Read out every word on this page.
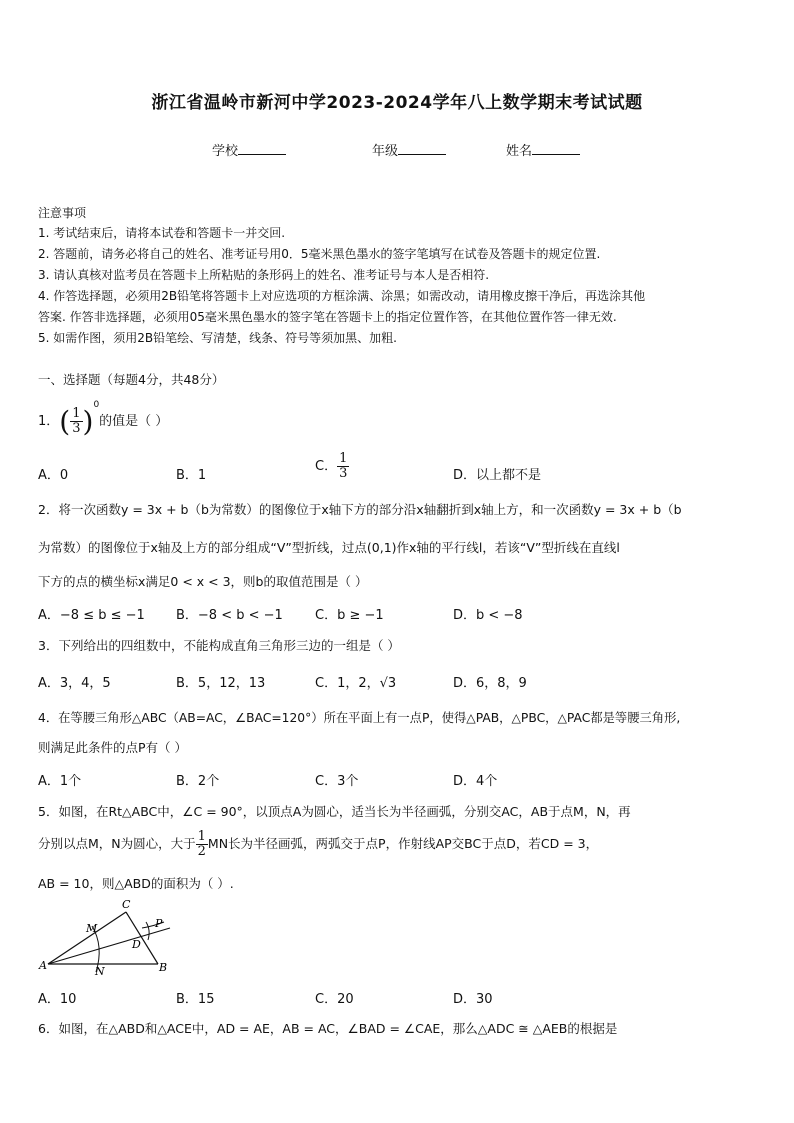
浙江省温岭市新河中学2023-2024学年八上数学期末考试试题
学校	年级	姓名
注意事项
1. 考试结束后，请将本试卷和答题卡一并交回.
2. 答题前，请务必将自己的姓名、准考证号用0．5毫米黑色墨水的签字笔填写在试卷及答题卡的规定位置.
3. 请认真核对监考员在答题卡上所粘贴的条形码上的姓名、准考证号与本人是否相符.
4. 作答选择题，必须用2B铅笔将答题卡上对应选项的方框涂满、涂黑；如需改动，请用橡皮擦干净后，再选涂其他
答案. 作答非选择题，必须用05毫米黑色墨水的签字笔在答题卡上的指定位置作答，在其他位置作答一律无效.
5. 如需作图，须用2B铅笔绘、写清楚，线条、符号等须加黑、加粗.
一、选择题（每题4分，共48分）
1．( $\frac{1}{3} )^0$的值是（ ）
A．0	B．1
C． $\frac{1}{3}$	D．以上都不是
2．将一次函数y = 3x + b（b为常数）的图像位于x轴下方的部分沿x轴翻折到x轴上方，和一次函数y = 3x + b（b
为常数）的图像位于x轴及上方的部分组成“V”型折线，过点(0,1)作x轴的平行线l，若该“V”型折线在直线l
下方的点的横坐标x满足0 < x < 3，则b的取值范围是（ ）
A．−8 ≤ b ≤ −1 B．−8 < b < −1 C．b ≥ −1	D．b < −8
3．下列给出的四组数中，不能构成直角三角形三边的一组是（ ）
A．3，4，5	B．5，12，13	C．1，2，√3	D．6，8，9
4．在等腰三角形△ABC（AB=AC，∠BAC=120°）所在平面上有一点P，使得△PAB，△PBC，△PAC都是等腰三角形,
则满足此条件的点P有（ ）
A．1个	B．2个	C．3个	D．4个
5．如图，在Rt△ABC中，∠C = 90°，以顶点A为圆心，适当长为半径画弧，分别交AC，AB于点M，N，再
分别以点M，N为圆心，大于 $\frac{1}{2}$ MN长为半径画弧，两弧交于点P，作射线AP交BC于点D，若CD = 3，
AB = 10，则△ABD的面积为（ ）.
C
M	P
D
A	N	B
A．10	B．15	C．20	D．30
6．如图，在△ABD和△ACE中，AD = AE，AB = AC，∠BAD = ∠CAE，那么△ADC ≅ △AEB的根据是
